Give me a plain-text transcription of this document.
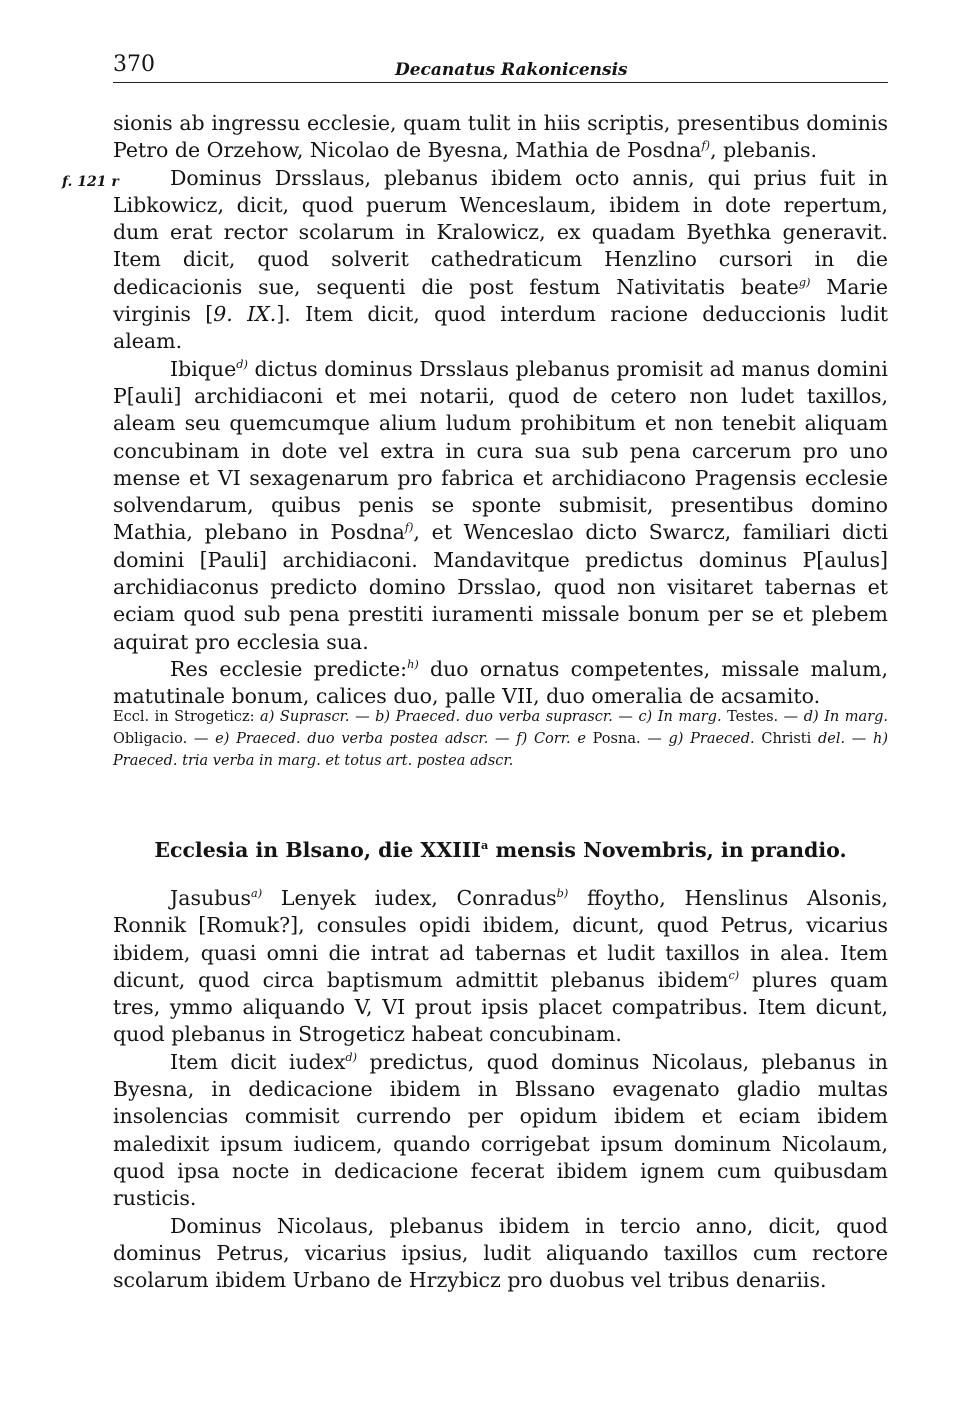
370	Decanatus Rakonicensis
f. 121 r

sionis ab ingressu ecclesie, quam tulit in hiis scriptis, presentibus dominis Petro de Orzehow, Nicolao de Byesna, Mathia de Posdna$^{f)}$, plebanis.

Dominus Drsslaus, plebanus ibidem octo annis, qui prius fuit in Libkowicz, dicit, quod puerum Wenceslaum, ibidem in dote repertum, dum erat rector scolarum in Kralowicz, ex quadam Byethka generavit. Item dicit, quod solverit cathedraticum Henzlino cursori in die dedicacionis sue, sequenti die post festum Nativitatis beate$^{g)}$ Marie virginis [9. IX.]. Item dicit, quod interdum racione deduccionis ludit aleam.

Ibique$^{d)}$ dictus dominus Drsslaus plebanus promisit ad manus domini P[auli] archidiaconi et mei notarii, quod de cetero non ludet taxillos, aleam seu quemcumque alium ludum prohibitum et non tenebit aliquam concubinam in dote vel extra in cura sua sub pena carcerum pro uno mense et VI sexagenarum pro fabrica et archidiacono Pragensis ecclesie solvendarum, quibus penis se sponte submisit, presentibus domino Mathia, plebano in Posdna$^{f)}$, et Wenceslao dicto Swarcz, familiari dicti domini [Pauli] archidiaconi. Mandavitque predictus dominus P[aulus] archidiaconus predicto domino Drsslao, quod non visitaret tabernas et eciam quod sub pena prestiti iuramenti missale bonum per se et plebem aquirat pro ecclesia sua.

Res ecclesie predicte:$^{h)}$ duo ornatus competentes, missale malum, matutinale bonum, calices duo, palle VII, duo omeralia de acsamito.

Eccl. in Strogeticz: a) Suprascr. — b) Praeced. duo verba suprascr. — c) In marg. Testes. — d) In marg. Obligacio. — e) Praeced. duo verba postea adscr. — f) Corr. e Posna. — g) Praeced. Christi del. — h) Praeced. tria verba in marg. et totus art. postea adscr.
Ecclesia in Blsano, die XXIII$^a$ mensis Novembris, in prandio.

Jasubus$^{a)}$ Lenyek iudex, Conradus$^{b)}$ ffoytho, Henslinus Alsonis, Ronnik [Romuk?], consules opidi ibidem, dicunt, quod Petrus, vicarius ibidem, quasi omni die intrat ad tabernas et ludit taxillos in alea. Item dicunt, quod circa baptismum admittit plebanus ibidem$^{c)}$ plures quam tres, ymmo aliquando V, VI prout ipsis placet compatribus. Item dicunt, quod plebanus in Strogeticz habeat concubinam.

Item dicit iudex$^{d)}$ predictus, quod dominus Nicolaus, plebanus in Byesna, in dedicacione ibidem in Blssano evagenato gladio multas insolencias commisit currendo per opidum ibidem et eciam ibidem maledixit ipsum iudicem, quando corrigebat ipsum dominum Nicolaum, quod ipsa nocte in dedicacione fecerat ibidem ignem cum quibusdam rusticis.

Dominus Nicolaus, plebanus ibidem in tercio anno, dicit, quod dominus Petrus, vicarius ipsius, ludit aliquando taxillos cum rectore scolarum ibidem Urbano de Hrzybicz pro duobus vel tribus denariis.
